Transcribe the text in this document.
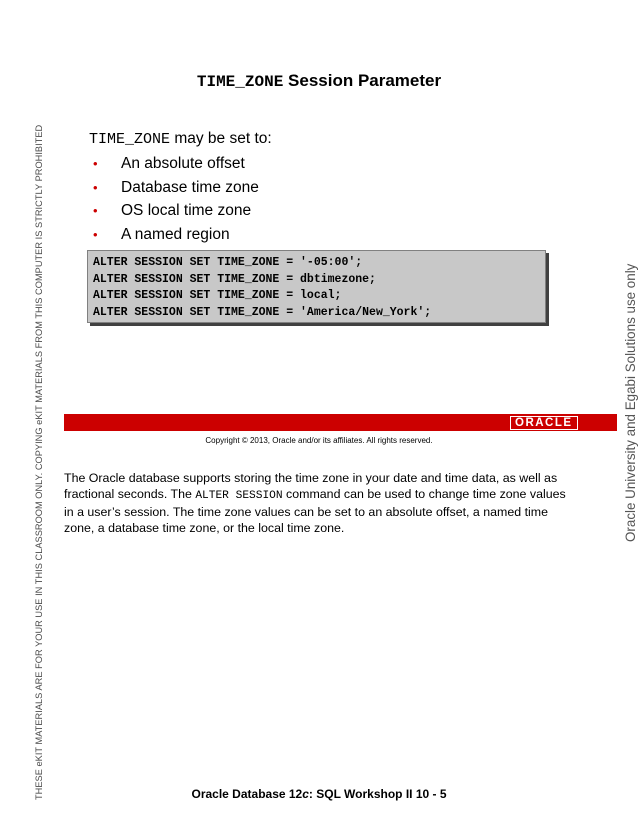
THESE eKIT MATERIALS ARE FOR YOUR USE IN THIS CLASSROOM ONLY. COPYING eKIT MATERIALS FROM THIS COMPUTER IS STRICTLY PROHIBITED	Oracle University and Egabi Solutions use only
TIME_ZONE Session Parameter
TIME_ZONE may be set to:
• An absolute offset
• Database time zone
• OS local time zone
• A named region
ALTER SESSION SET TIME_ZONE = '-05:00';
ALTER SESSION SET TIME_ZONE = dbtimezone;
ALTER SESSION SET TIME_ZONE = local;
ALTER SESSION SET TIME_ZONE = 'America/New_York';
ORACLE
Copyright © 2013, Oracle and/or its affiliates. All rights reserved.
The Oracle database supports storing the time zone in your date and time data, as well as fractional seconds. The ALTER SESSION command can be used to change time zone values in a user’s session. The time zone values can be set to an absolute offset, a named time zone, a database time zone, or the local time zone.
Oracle Database 12c: SQL Workshop II 10 - 5
